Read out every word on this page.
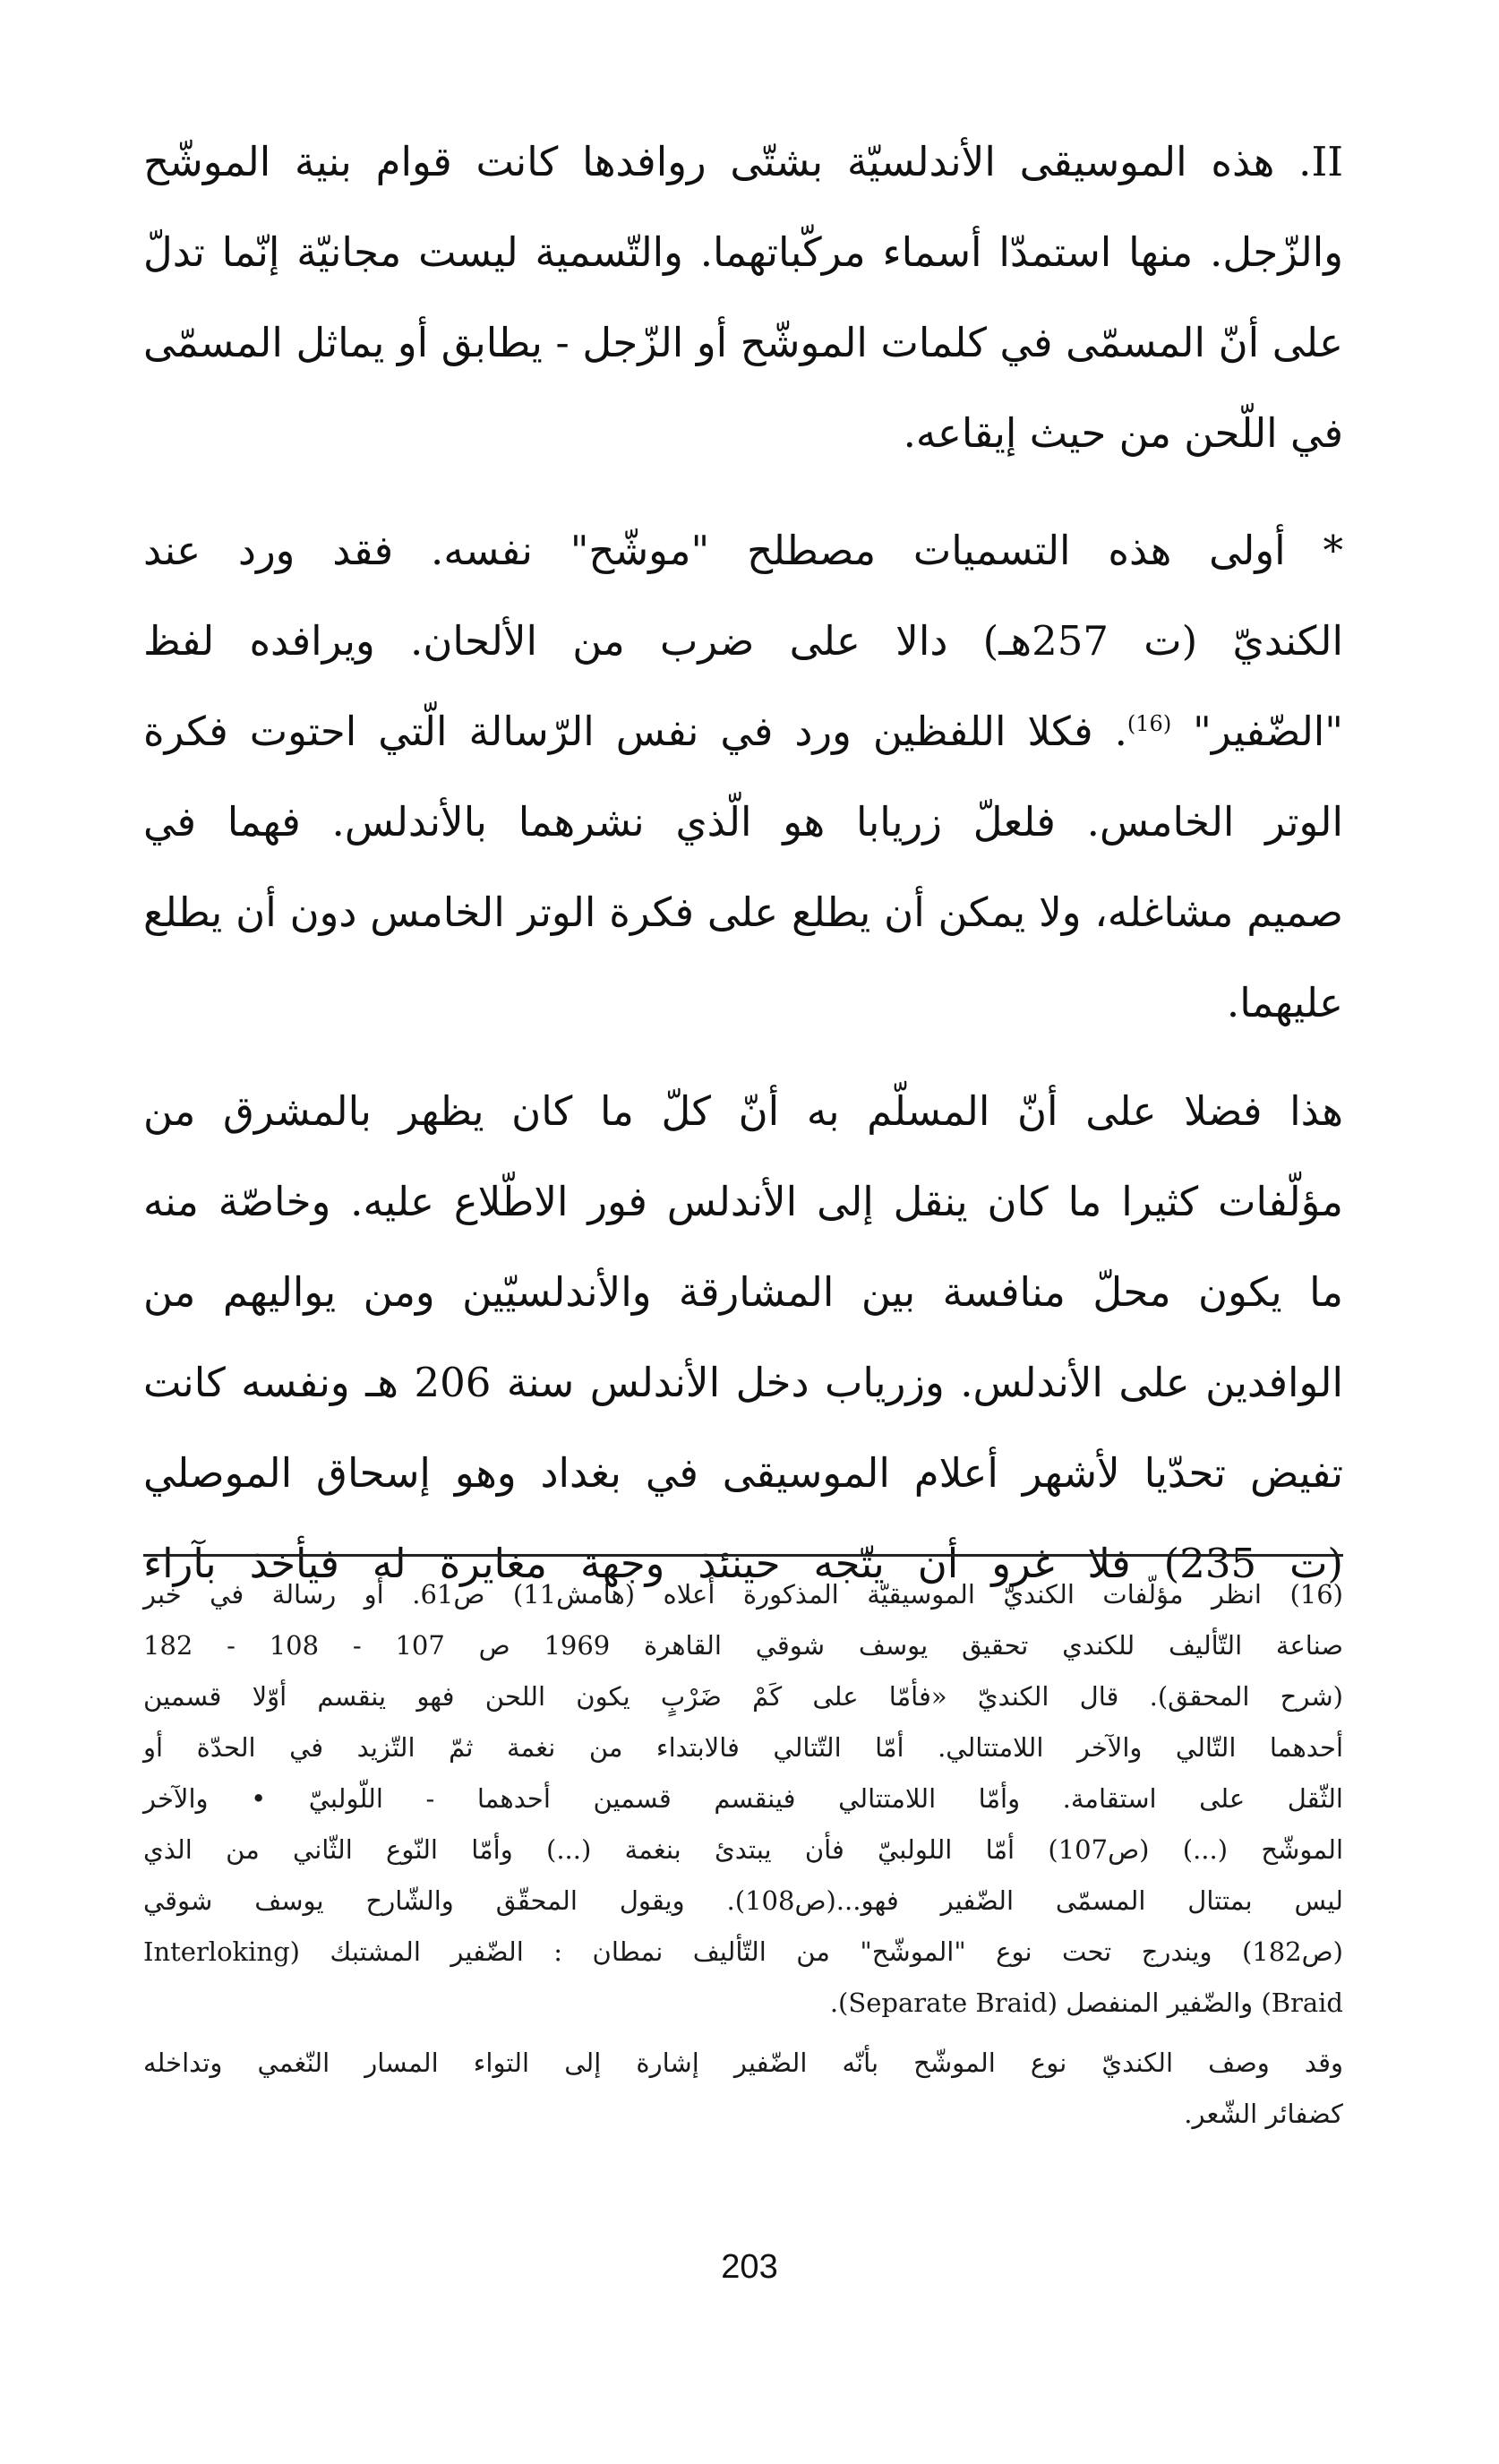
II. هذه الموسيقى الأندلسيّة بشتّى روافدها كانت قوام بنية الموشّح

والزّجل. منها استمدّا أسماء مركّباتهما. والتّسمية ليست مجانيّة إنّما تدلّ

على أنّ المسمّى في كلمات الموشّح أو الزّجل - يطابق أو يماثل المسمّى

في اللّحن من حيث إيقاعه.

* أولى هذه التسميات مصطلح "موشّح" نفسه. فقد ورد عند

الكنديّ (ت 257هـ) دالا على ضرب من الألحان. ويرافده لفظ

"الضّفير" $^{(16)}$. فكلا اللفظين ورد في نفس الرّسالة الّتي احتوت فكرة

الوتر الخامس. فلعلّ زريابا هو الّذي نشرهما بالأندلس. فهما في

صميم مشاغله، ولا يمكن أن يطلع على فكرة الوتر الخامس دون أن يطلع

عليهما.

هذا فضلا على أنّ المسلّم به أنّ كلّ ما كان يظهر بالمشرق من

مؤلّفات كثيرا ما كان ينقل إلى الأندلس فور الاطّلاع عليه. وخاصّة منه

ما يكون محلّ منافسة بين المشارقة والأندلسيّين ومن يواليهم من

الوافدين على الأندلس. وزرياب دخل الأندلس سنة 206 هـ ونفسه كانت

تفيض تحدّيا لأشهر أعلام الموسيقى في بغداد وهو إسحاق الموصلي

(ت 235) فلا غرو أن يتّجه حينئذ وجهة مغايرة له فيأخذ بآراء

(16) انظر مؤلّفات الكنديّ الموسيقيّة المذكورة أعلاه (هامش11) ص61. أو رسالة في خبر

صناعة التّأليف للكندي تحقيق يوسف شوقي القاهرة 1969 ص 107 - 108 - 182

(شرح المحقق). قال الكنديّ «فأمّا على كَمْ ضَرْبٍ يكون اللحن فهو ينقسم أوّلا قسمين

أحدهما التّالي والآخر اللامتتالي. أمّا التّتالي فالابتداء من نغمة ثمّ التّزيد في الحدّة أو

الثّقل على استقامة. وأمّا اللامتتالي فينقسم قسمين أحدهما - اللّولبيّ • والآخر

الموشّح (...) (ص107) أمّا اللولبيّ فأن يبتدئ بنغمة (...) وأمّا النّوع الثّاني من الذي

ليس بمتتال المسمّى الضّفير فهو...(ص108). ويقول المحقّق والشّارح يوسف شوقي

(ص182) ويندرج تحت نوع "الموشّح" من التّأليف نمطان : الضّفير المشتبك (Interloking

Braid) والضّفير المنفصل (Separate Braid).

وقد وصف الكنديّ نوع الموشّح بأنّه الضّفير إشارة إلى التواء المسار النّغمي وتداخله

كضفائر الشّعر.

203
